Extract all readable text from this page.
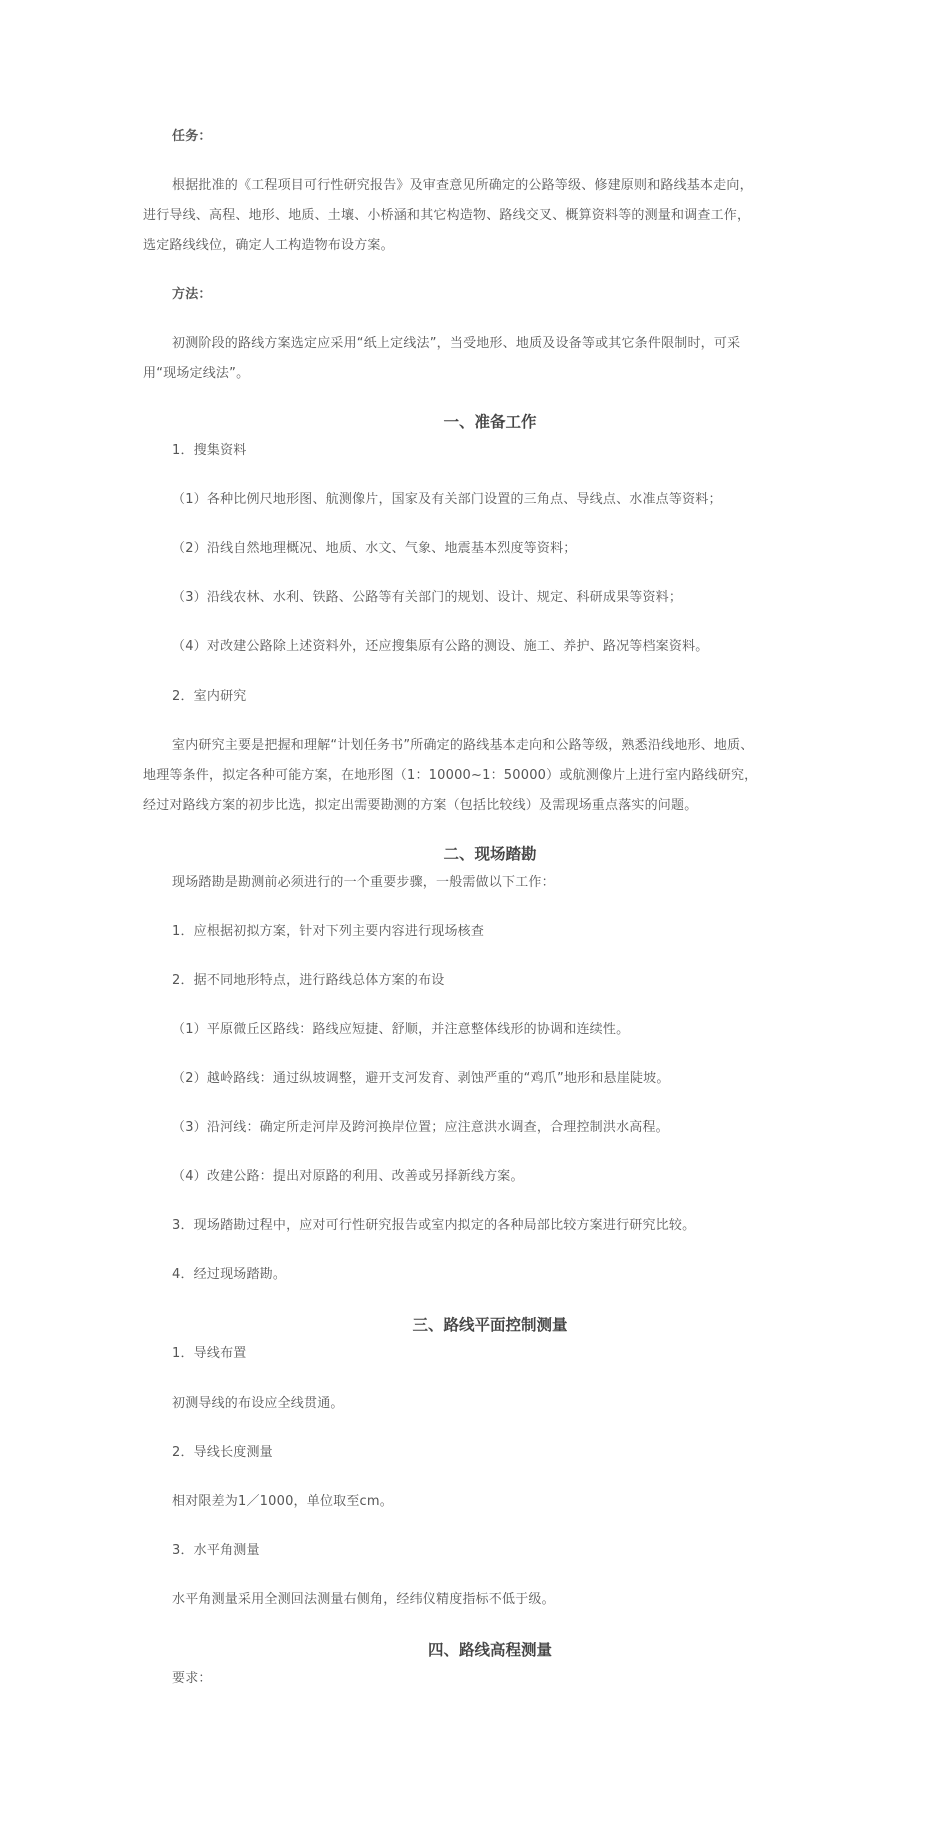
任务：
根据批准的《工程项目可行性研究报告》及审查意见所确定的公路等级、修建原则和路线基本走向，
进行导线、高程、地形、地质、土壤、小桥涵和其它构造物、路线交叉、概算资料等的测量和调查工作，
选定路线线位，确定人工构造物布设方案。
方法：
初测阶段的路线方案选定应采用“纸上定线法”，当受地形、地质及设备等或其它条件限制时，可采
用“现场定线法”。
一、准备工作
1．搜集资料
（1）各种比例尺地形图、航测像片，国家及有关部门设置的三角点、导线点、水准点等资料；
（2）沿线自然地理概况、地质、水文、气象、地震基本烈度等资料；
（3）沿线农林、水利、铁路、公路等有关部门的规划、设计、规定、科研成果等资料；
（4）对改建公路除上述资料外，还应搜集原有公路的测设、施工、养护、路况等档案资料。
2．室内研究
室内研究主要是把握和理解“计划任务书”所确定的路线基本走向和公路等级，熟悉沿线地形、地质、
地理等条件，拟定各种可能方案，在地形图（1：10000~1：50000）或航测像片上进行室内路线研究，
经过对路线方案的初步比选，拟定出需要勘测的方案（包括比较线）及需现场重点落实的问题。
二、现场踏勘
现场踏勘是勘测前必须进行的一个重要步骤，一般需做以下工作：
1．应根据初拟方案，针对下列主要内容进行现场核查
2．据不同地形特点，进行路线总体方案的布设
（1）平原微丘区路线：路线应短捷、舒顺，并注意整体线形的协调和连续性。
（2）越岭路线：通过纵坡调整，避开支河发育、剥蚀严重的“鸡爪”地形和悬崖陡坡。
（3）沿河线：确定所走河岸及跨河换岸位置；应注意洪水调查，合理控制洪水高程。
（4）改建公路：提出对原路的利用、改善或另择新线方案。
3．现场踏勘过程中，应对可行性研究报告或室内拟定的各种局部比较方案进行研究比较。
4．经过现场踏勘。
三、路线平面控制测量
1．导线布置
初测导线的布设应全线贯通。
2．导线长度测量
相对限差为1／1000，单位取至cm。
3．水平角测量
水平角测量采用全测回法测量右侧角，经纬仪精度指标不低于级。
四、路线高程测量
要求：
